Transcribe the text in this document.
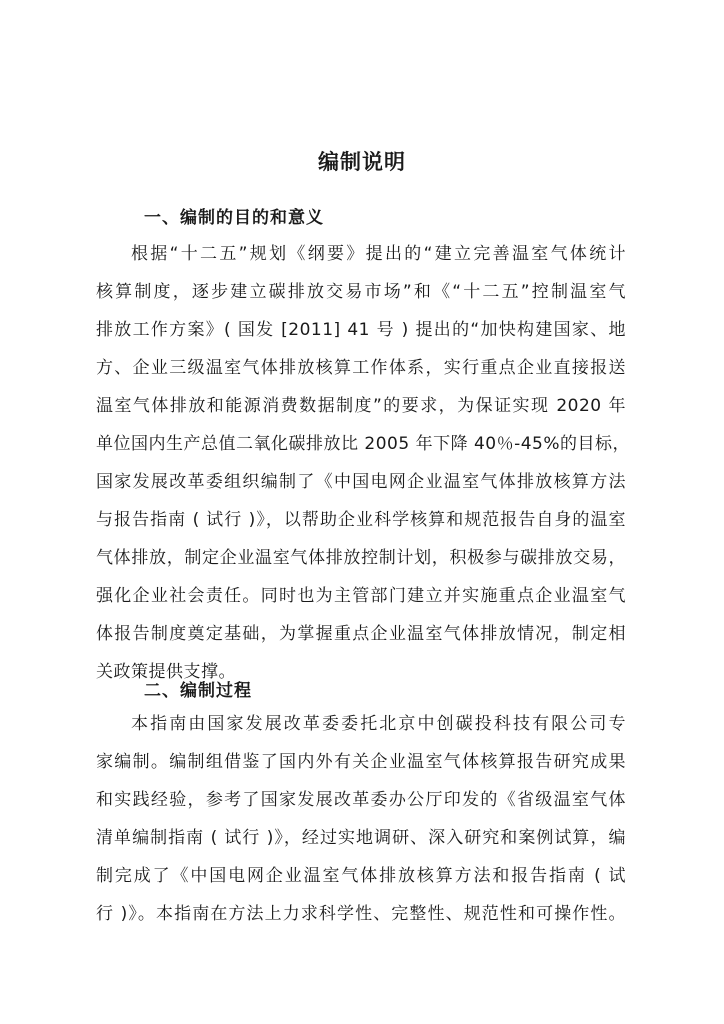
编制说明
一、编制的目的和意义
根据“十二五”规划《纲要》提出的“建立完善温室气体统计
核算制度，逐步建立碳排放交易市场”和《“十二五”控制温室气
排放工作方案》( 国发 [2011] 41 号 ) 提出的“加快构建国家、地
方、企业三级温室气体排放核算工作体系，实行重点企业直接报送
温室气体排放和能源消费数据制度”的要求，为保证实现 2020 年
单位国内生产总值二氧化碳排放比 2005 年下降 40％-45%的目标，
国家发展改革委组织编制了《中国电网企业温室气体排放核算方法
与报告指南 ( 试行 )》，以帮助企业科学核算和规范报告自身的温室
气体排放，制定企业温室气体排放控制计划，积极参与碳排放交易，
强化企业社会责任。同时也为主管部门建立并实施重点企业温室气
体报告制度奠定基础，为掌握重点企业温室气体排放情况，制定相
关政策提供支撑。
二、编制过程
本指南由国家发展改革委委托北京中创碳投科技有限公司专
家编制。编制组借鉴了国内外有关企业温室气体核算报告研究成果
和实践经验，参考了国家发展改革委办公厅印发的《省级温室气体
清单编制指南 ( 试行 )》，经过实地调研、深入研究和案例试算，编
制完成了《中国电网企业温室气体排放核算方法和报告指南 ( 试
行 )》。本指南在方法上力求科学性、完整性、规范性和可操作性。
